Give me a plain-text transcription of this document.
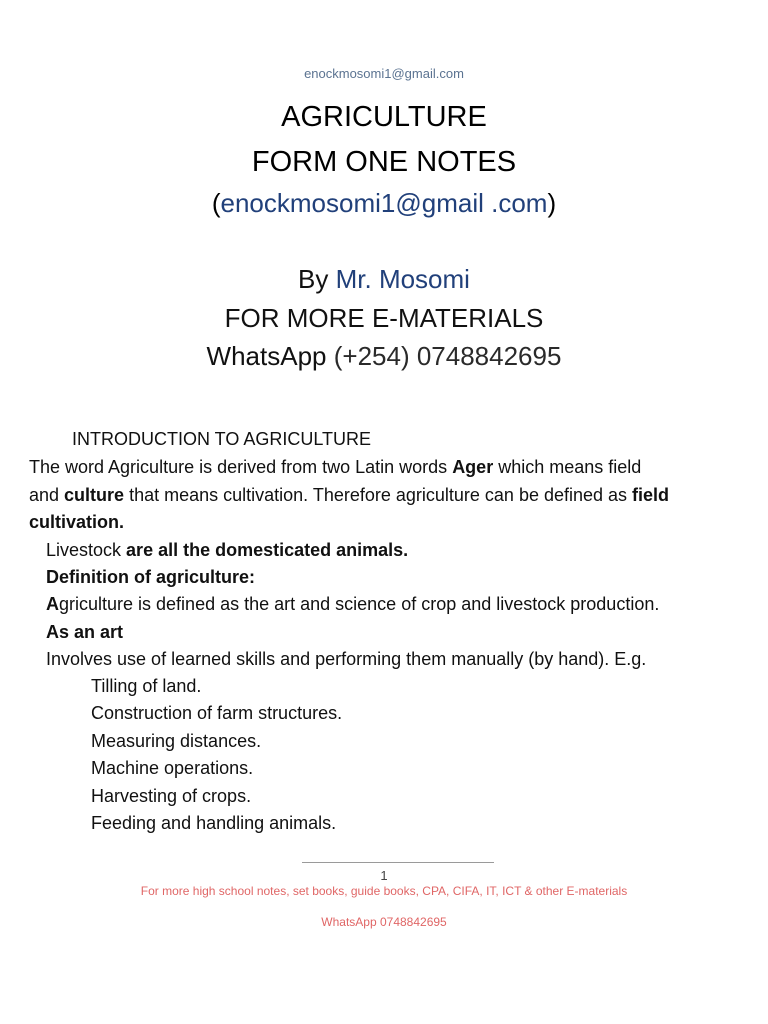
enockmosomi1@gmail.com
AGRICULTURE
FORM ONE NOTES
(enockmosomi1@gmail .com)
By Mr. Mosomi
FOR MORE E-MATERIALS
WhatsApp (+254) 0748842695
INTRODUCTION TO AGRICULTURE
The word Agriculture is derived from two Latin words Ager which means field
and culture that means cultivation. Therefore agriculture can be defined as field
cultivation.
Livestock are all the domesticated animals.
Definition of agriculture:
Agriculture is defined as the art and science of crop and livestock production.
As an art
Involves use of learned skills and performing them manually (by hand). E.g.
Tilling of land.
Construction of farm structures.
Measuring distances.
Machine operations.
Harvesting of crops.
Feeding and handling animals.
1
For more high school notes, set books, guide books, CPA, CIFA, IT, ICT & other E-materials
WhatsApp 0748842695
